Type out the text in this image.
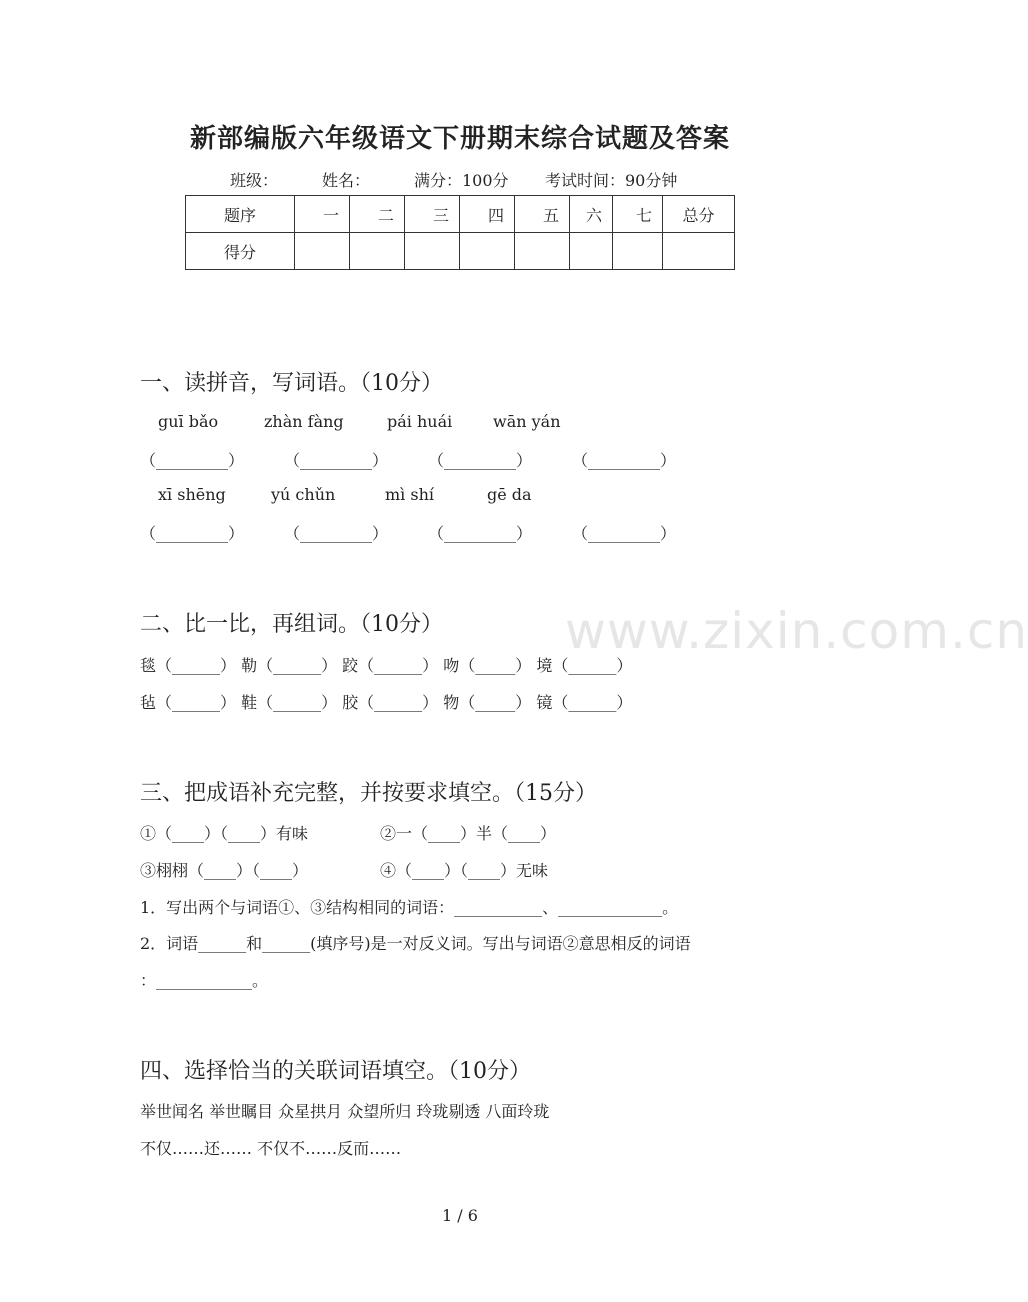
新部编版六年级语文下册期末综合试题及答案
班级：	姓名：	满分：100分 考试时间：90分钟
题序	一	二	三	四	五	六	七	总分
得分								
一、读拼音，写词语。（10分）
guī bǎo	zhàn fàng	pái huái	wān yán
（_________） （_________） （_________） （_________）
xī shēng	yú chǔn	mì shí	gē da
（_________） （_________） （_________） （_________）
www.zixin.com.cn
二、比一比，再组词。（10分）
毯（______） 勒（______） 跤（______） 吻（_____） 境（______）
毡（______） 鞋（______） 胶（______） 物（_____） 镜（______）
三、把成语补充完整，并按要求填空。（15分）
①（____）（____）有味	②一（____）半（____）
③栩栩（____）（____）	④（____）（____）无味
1．写出两个与词语①、③结构相同的词语：___________、_____________。
2．词语______和______(填序号)是一对反义词。写出与词语②意思相反的词语
：____________。
四、选择恰当的关联词语填空。（10分）
举世闻名 举世瞩目 众星拱月 众望所归 玲珑剔透 八面玲珑
不仅……还…… 不仅不……反而……
1 / 6
